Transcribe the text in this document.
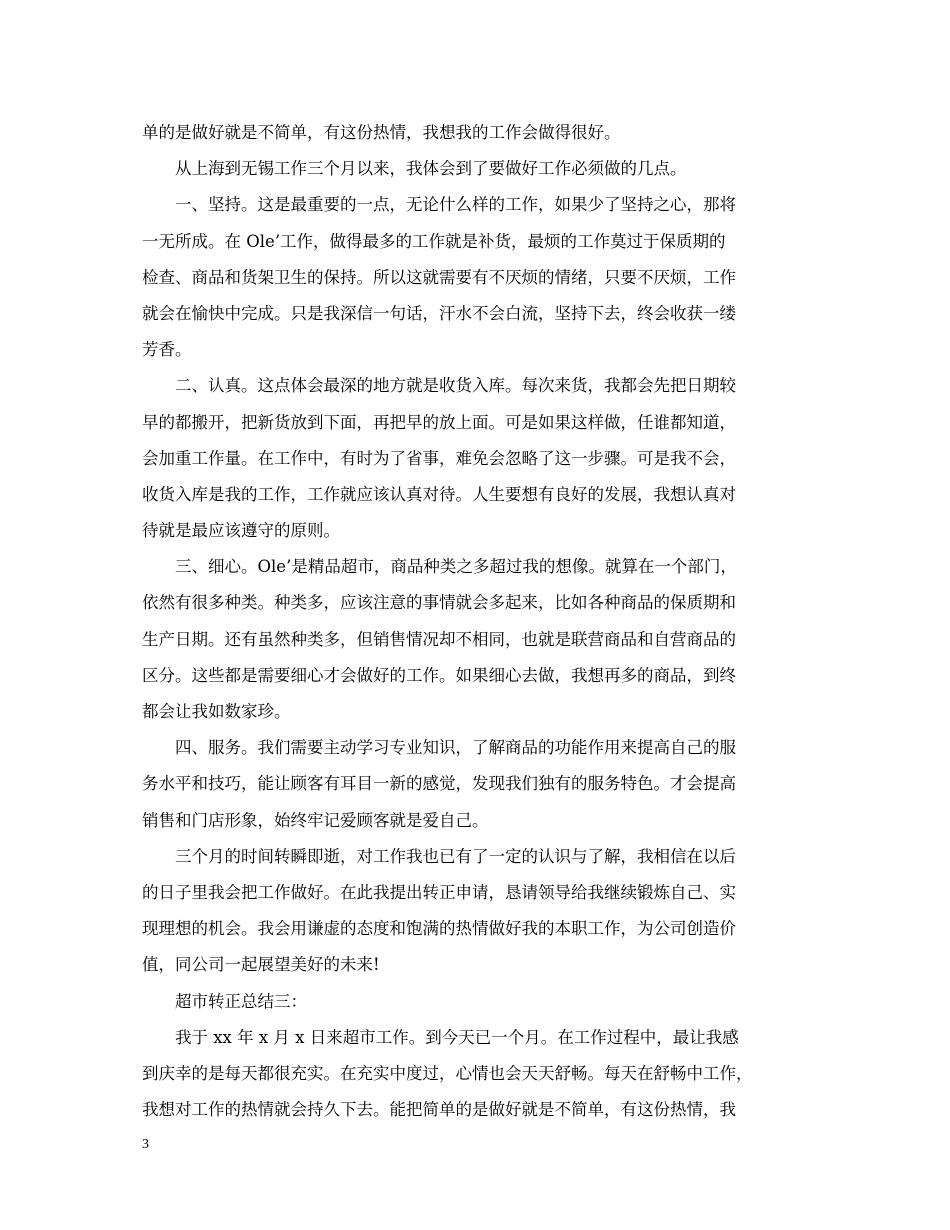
单的是做好就是不简单，有这份热情，我想我的工作会做得很好。
从上海到无锡工作三个月以来，我体会到了要做好工作必须做的几点。
一、坚持。这是最重要的一点，无论什么样的工作，如果少了坚持之心，那将
一无所成。在 Ole’工作，做得最多的工作就是补货，最烦的工作莫过于保质期的
检查、商品和货架卫生的保持。所以这就需要有不厌烦的情绪，只要不厌烦，工作
就会在愉快中完成。只是我深信一句话，汗水不会白流，坚持下去，终会收获一缕
芳香。
二、认真。这点体会最深的地方就是收货入库。每次来货，我都会先把日期较
早的都搬开，把新货放到下面，再把早的放上面。可是如果这样做，任谁都知道，
会加重工作量。在工作中，有时为了省事，难免会忽略了这一步骤。可是我不会，
收货入库是我的工作，工作就应该认真对待。人生要想有良好的发展，我想认真对
待就是最应该遵守的原则。
三、细心。Ole’是精品超市，商品种类之多超过我的想像。就算在一个部门，
依然有很多种类。种类多，应该注意的事情就会多起来，比如各种商品的保质期和
生产日期。还有虽然种类多，但销售情况却不相同，也就是联营商品和自营商品的
区分。这些都是需要细心才会做好的工作。如果细心去做，我想再多的商品，到终
都会让我如数家珍。
四、服务。我们需要主动学习专业知识，了解商品的功能作用来提高自己的服
务水平和技巧，能让顾客有耳目一新的感觉，发现我们独有的服务特色。才会提高
销售和门店形象，始终牢记爱顾客就是爱自己。
三个月的时间转瞬即逝，对工作我也已有了一定的认识与了解，我相信在以后
的日子里我会把工作做好。在此我提出转正申请，恳请领导给我继续锻炼自己、实
现理想的机会。我会用谦虚的态度和饱满的热情做好我的本职工作，为公司创造价
值，同公司一起展望美好的未来!
超市转正总结三：
我于 xx 年 x 月 x 日来超市工作。到今天已一个月。在工作过程中，最让我感
到庆幸的是每天都很充实。在充实中度过，心情也会天天舒畅。每天在舒畅中工作，
我想对工作的热情就会持久下去。能把简单的是做好就是不简单，有这份热情，我
3
